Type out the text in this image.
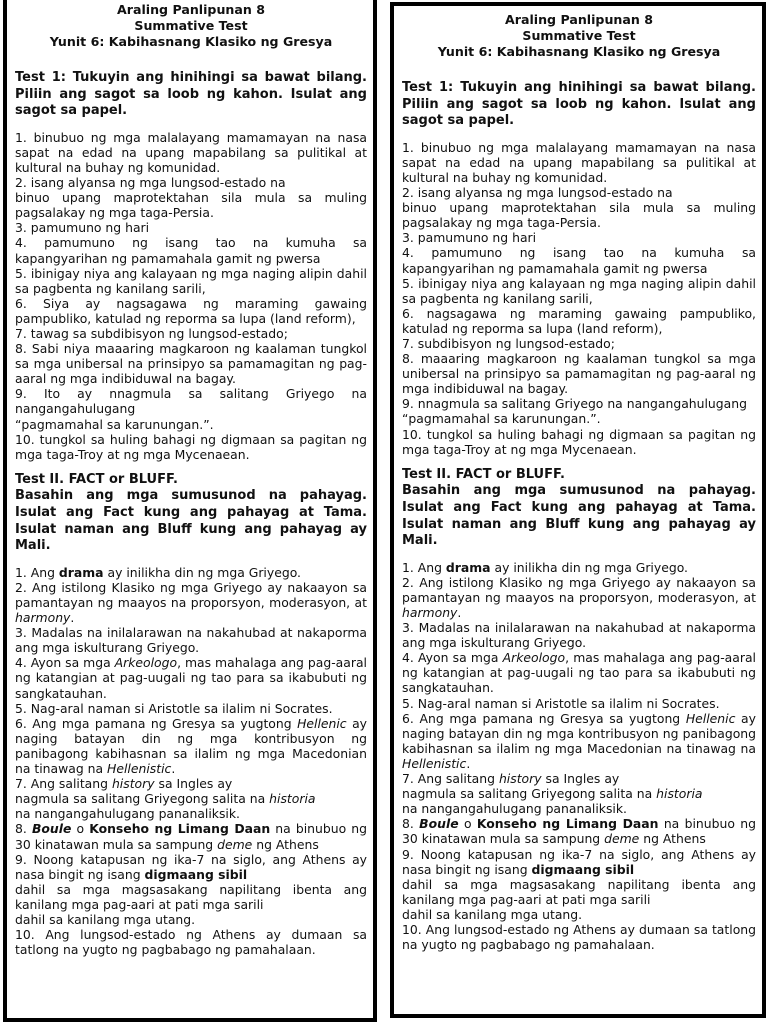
Araling Panlipunan 8
Summative Test
Yunit 6: Kabihasnang Klasiko ng Gresya
Test 1: Tukuyin ang hinihingi sa bawat bilang. Piliin ang sagot sa loob ng kahon. Isulat ang sagot sa papel.
1. binubuo ng mga malalayang mamamayan na nasa sapat na edad na upang mapabilang sa pulitikal at kultural na buhay ng komunidad.
2. isang alyansa ng mga lungsod-estado na
binuo upang maprotektahan sila mula sa muling pagsalakay ng mga taga-Persia.
3. pamumuno ng hari
4. pamumuno ng isang tao na kumuha sa kapangyarihan ng pamamahala gamit ng pwersa
5. ibinigay niya ang kalayaan ng mga naging alipin dahil sa pagbenta ng kanilang sarili,
6. Siya ay nagsagawa ng maraming gawaing pampubliko, katulad ng reporma sa lupa (land reform),
7. tawag sa subdibisyon ng lungsod-estado;
8. Sabi niya maaaring magkaroon ng kaalaman tungkol sa mga unibersal na prinsipyo sa pamamagitan ng pag-aaral ng mga indibiduwal na bagay.
9. Ito ay nnagmula sa salitang Griyego na nangangahulugang
“pagmamahal sa karunungan.”.
10. tungkol sa huling bahagi ng digmaan sa pagitan ng mga taga-Troy at ng mga Mycenaean.
Test II. FACT or BLUFF.
Basahin ang mga sumusunod na pahayag. Isulat ang Fact kung ang pahayag at Tama. Isulat naman ang Bluff kung ang pahayag ay Mali.
1. Ang drama ay inilikha din ng mga Griyego.
2. Ang istilong Klasiko ng mga Griyego ay nakaayon sa pamantayan ng maayos na proporsyon, moderasyon, at harmony.
3. Madalas na inilalarawan na nakahubad at nakaporma ang mga iskulturang Griyego.
4. Ayon sa mga Arkeologo, mas mahalaga ang pag-aaral ng katangian at pag-uugali ng tao para sa ikabubuti ng sangkatauhan.
5. Nag-aral naman si Aristotle sa ilalim ni Socrates.
6. Ang mga pamana ng Gresya sa yugtong Hellenic ay naging batayan din ng mga kontribusyon ng panibagong kabihasnan sa ilalim ng mga Macedonian na tinawag na Hellenistic.
7. Ang salitang history sa Ingles ay
nagmula sa salitang Griyegong salita na historia
na nangangahulugang pananaliksik.
8. Boule o Konseho ng Limang Daan na binubuo ng 30 kinatawan mula sa sampung deme ng Athens
9. Noong katapusan ng ika-7 na siglo, ang Athens ay nasa bingit ng isang digmaang sibil
dahil sa mga magsasakang napilitang ibenta ang kanilang mga pag-aari at pati mga sarili
dahil sa kanilang mga utang.
10. Ang lungsod-estado ng Athens ay dumaan sa tatlong na yugto ng pagbabago ng pamahalaan.
Araling Panlipunan 8
Summative Test
Yunit 6: Kabihasnang Klasiko ng Gresya
Test 1: Tukuyin ang hinihingi sa bawat bilang. Piliin ang sagot sa loob ng kahon. Isulat ang sagot sa papel.
1. binubuo ng mga malalayang mamamayan na nasa sapat na edad na upang mapabilang sa pulitikal at kultural na buhay ng komunidad.
2. isang alyansa ng mga lungsod-estado na
binuo upang maprotektahan sila mula sa muling pagsalakay ng mga taga-Persia.
3. pamumuno ng hari
4. pamumuno ng isang tao na kumuha sa kapangyarihan ng pamamahala gamit ng pwersa
5. ibinigay niya ang kalayaan ng mga naging alipin dahil sa pagbenta ng kanilang sarili,
6. nagsagawa ng maraming gawaing pampubliko, katulad ng reporma sa lupa (land reform),
7. subdibisyon ng lungsod-estado;
8. maaaring magkaroon ng kaalaman tungkol sa mga unibersal na prinsipyo sa pamamagitan ng pag-aaral ng mga indibiduwal na bagay.
9. nnagmula sa salitang Griyego na nangangahulugang
“pagmamahal sa karunungan.”.
10. tungkol sa huling bahagi ng digmaan sa pagitan ng mga taga-Troy at ng mga Mycenaean.
Test II. FACT or BLUFF.
Basahin ang mga sumusunod na pahayag. Isulat ang Fact kung ang pahayag at Tama. Isulat naman ang Bluff kung ang pahayag ay Mali.
1. Ang drama ay inilikha din ng mga Griyego.
2. Ang istilong Klasiko ng mga Griyego ay nakaayon sa pamantayan ng maayos na proporsyon, moderasyon, at harmony.
3. Madalas na inilalarawan na nakahubad at nakaporma ang mga iskulturang Griyego.
4. Ayon sa mga Arkeologo, mas mahalaga ang pag-aaral ng katangian at pag-uugali ng tao para sa ikabubuti ng sangkatauhan.
5. Nag-aral naman si Aristotle sa ilalim ni Socrates.
6. Ang mga pamana ng Gresya sa yugtong Hellenic ay naging batayan din ng mga kontribusyon ng panibagong kabihasnan sa ilalim ng mga Macedonian na tinawag na Hellenistic.
7. Ang salitang history sa Ingles ay
nagmula sa salitang Griyegong salita na historia
na nangangahulugang pananaliksik.
8. Boule o Konseho ng Limang Daan na binubuo ng 30 kinatawan mula sa sampung deme ng Athens
9. Noong katapusan ng ika-7 na siglo, ang Athens ay nasa bingit ng isang digmaang sibil
dahil sa mga magsasakang napilitang ibenta ang kanilang mga pag-aari at pati mga sarili
dahil sa kanilang mga utang.
10. Ang lungsod-estado ng Athens ay dumaan sa tatlong na yugto ng pagbabago ng pamahalaan.
